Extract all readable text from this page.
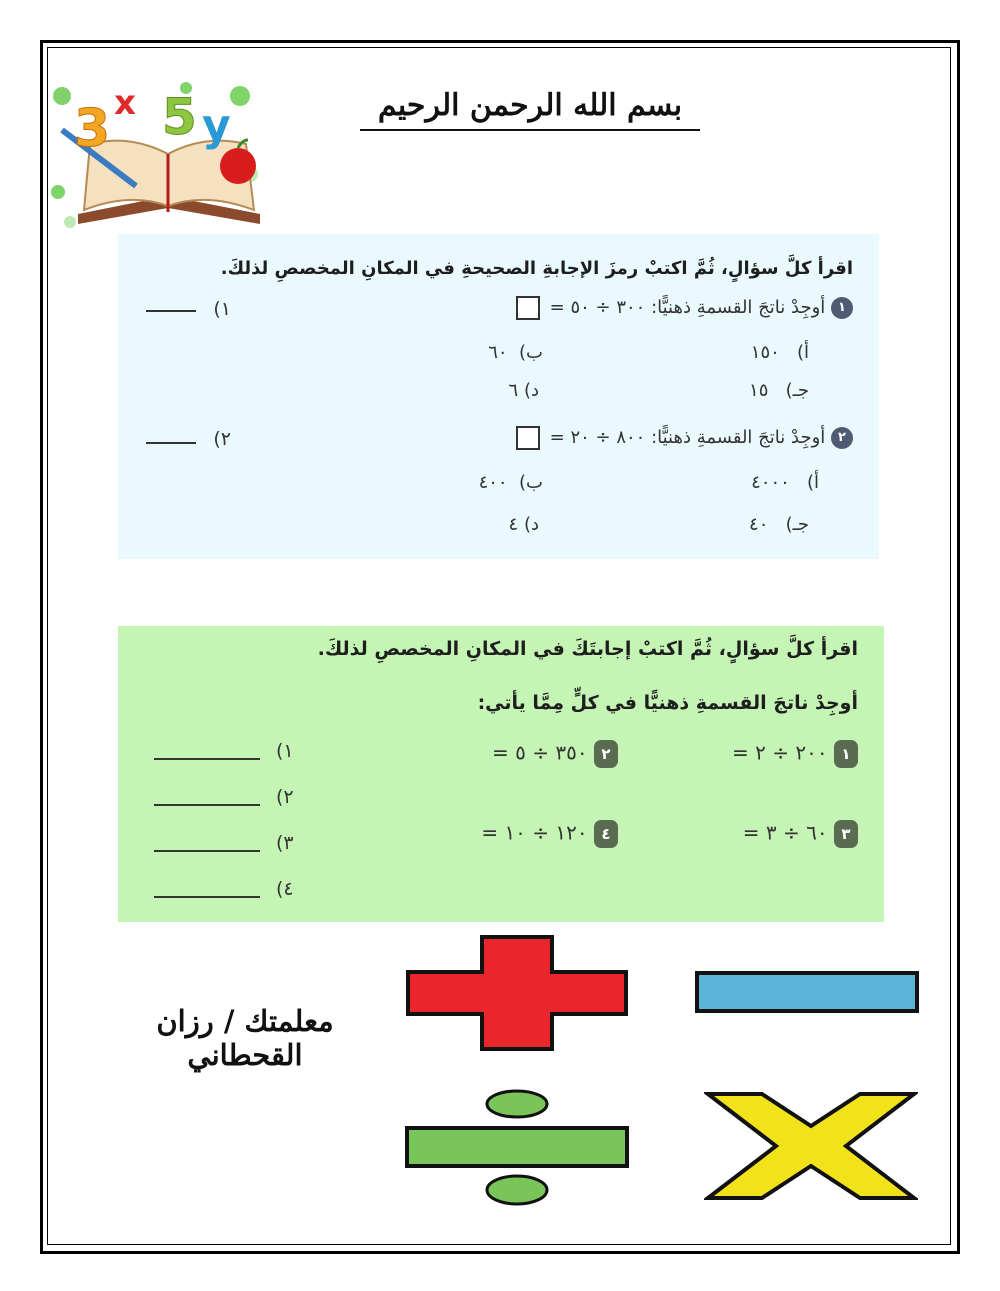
3 x 5 y	بسم الله الرحمن الرحيم
اقرأ كلَّ سؤالٍ، ثُمَّ اكتبْ رمزَ الإجابةِ الصحيحةِ في المكانِ المخصصِ لذلكَ.
١ أوجِدْ ناتجَ القسمةِ ذهنيًّا: ٣٠٠ ÷ ٥٠ =
١)
أ)   ١٥٠
ب)  ٦٠
جـ)   ١٥
د) ٦
٢ أوجِدْ ناتجَ القسمةِ ذهنيًّا: ٨٠٠ ÷ ٢٠ =
٢)
أ)   ٤٠٠٠
ب)  ٤٠٠
جـ)   ٤٠
د) ٤
اقرأ كلَّ سؤالٍ، ثُمَّ اكتبْ إجابتَكَ في المكانِ المخصصِ لذلكَ.
أوجِدْ ناتجَ القسمةِ ذهنيًّا في كلٍّ مِمَّا يأتي:
١ ٢٠٠ ÷ ٢ =
٢ ٣٥٠ ÷ ٥ =
٣ ٦٠ ÷ ٣ =
٤ ١٢٠ ÷ ١٠ =
١)
٢)
٣)
٤)
معلمتك / رزان القحطاني
